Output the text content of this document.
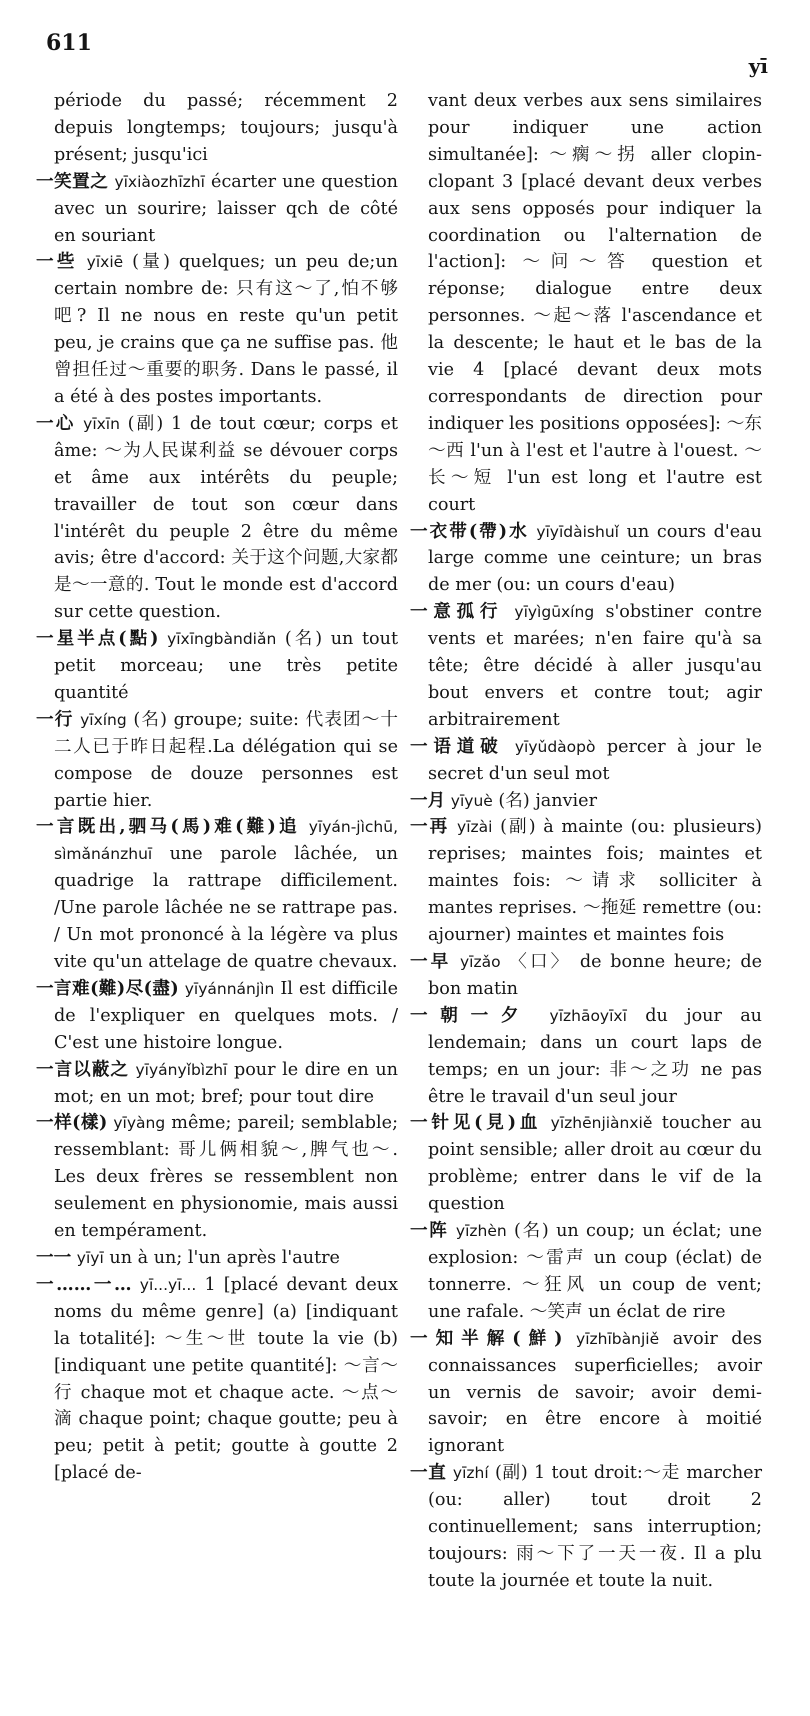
611
yī

période du passé; récemment 2 depuis longtemps; toujours; jusqu'à présent; jusqu'ici

一笑置之 yīxiàozhīzhī écarter une question avec un sourire; laisser qch de côté en souriant

一些 yīxiē (量) quelques; un peu de;un certain nombre de: 只有这～了,怕不够吧? Il ne nous en reste qu'un petit peu, je crains que ça ne suffise pas. 他曾担任过～重要的职务. Dans le passé, il a été à des postes importants.

一心 yīxīn (副) 1 de tout cœur; corps et âme: ～为人民谋利益 se dévouer corps et âme aux intérêts du peuple; travailler de tout son cœur dans l'intérêt du peuple 2 être du même avis; être d'accord: 关于这个问题,大家都是～一意的. Tout le monde est d'accord sur cette question.

一星半点(點) yīxīngbàndiǎn (名) un tout petit morceau; une très petite quantité

一行 yīxíng (名) groupe; suite: 代表团～十二人已于昨日起程.La délégation qui se compose de douze personnes est partie hier.

一言既出,驷马(馬)难(難)追 yīyán-jìchū, sìmǎnánzhuī une parole lâchée, un quadrige la rattrape difficilement. /Une parole lâchée ne se rattrape pas. / Un mot prononcé à la légère va plus vite qu'un attelage de quatre chevaux.

一言难(難)尽(盡) yīyánnánjìn Il est difficile de l'expliquer en quelques mots. / C'est une histoire longue.

一言以蔽之 yīyányǐbìzhī pour le dire en un mot; en un mot; bref; pour tout dire

一样(樣) yīyàng même; pareil; semblable; ressemblant: 哥儿俩相貌～,脾气也～. Les deux frères se ressemblent non seulement en physionomie, mais aussi en tempérament.

一一 yīyī un à un; l'un après l'autre

一……一… yī...yī... 1 [placé devant deux noms du même genre] (a) [indiquant la totalité]: ～生～世 toute la vie (b) [indiquant une petite quantité]: ～言～行 chaque mot et chaque acte. ～点～滴 chaque point; chaque goutte; peu à peu; petit à petit; goutte à goutte 2 [placé de-

vant deux verbes aux sens similaires pour indiquer une action simultanée]: ～瘸～拐 aller clopin-clopant 3 [placé devant deux verbes aux sens opposés pour indiquer la coordination ou l'alternation de l'action]: ～问～答 question et réponse; dialogue entre deux personnes. ～起～落 l'ascendance et la descente; le haut et le bas de la vie 4 [placé devant deux mots correspondants de direction pour indiquer les positions opposées]: ～东～西 l'un à l'est et l'autre à l'ouest. ～长～短 l'un est long et l'autre est court

一衣带(帶)水 yīyīdàishuǐ un cours d'eau large comme une ceinture; un bras de mer (ou: un cours d'eau)

一意孤行 yīyìgūxíng s'obstiner contre vents et marées; n'en faire qu'à sa tête; être décidé à aller jusqu'au bout envers et contre tout; agir arbitrairement

一语道破 yīyǔdàopò percer à jour le secret d'un seul mot

一月 yīyuè (名) janvier

一再 yīzài (副) à mainte (ou: plusieurs) reprises; maintes fois; maintes et maintes fois: ～请求 solliciter à mantes reprises. ～拖延 remettre (ou: ajourner) maintes et maintes fois

一早 yīzǎo 〈口〉 de bonne heure; de bon matin

一朝一夕 yīzhāoyīxī du jour au lendemain; dans un court laps de temps; en un jour: 非～之功 ne pas être le travail d'un seul jour

一针见(見)血 yīzhēnjiànxiě toucher au point sensible; aller droit au cœur du problème; entrer dans le vif de la question

一阵 yīzhèn (名) un coup; un éclat; une explosion: ～雷声 un coup (éclat) de tonnerre. ～狂风 un coup de vent; une rafale. ～笑声 un éclat de rire

一知半解(鮮) yīzhībànjiě avoir des connaissances superficielles; avoir un vernis de savoir; avoir demi-savoir; en être encore à moitié ignorant

一直 yīzhí (副) 1 tout droit:～走 marcher (ou: aller) tout droit 2 continuellement; sans interruption; toujours: 雨～下了一天一夜. Il a plu toute la journée et toute la nuit.
